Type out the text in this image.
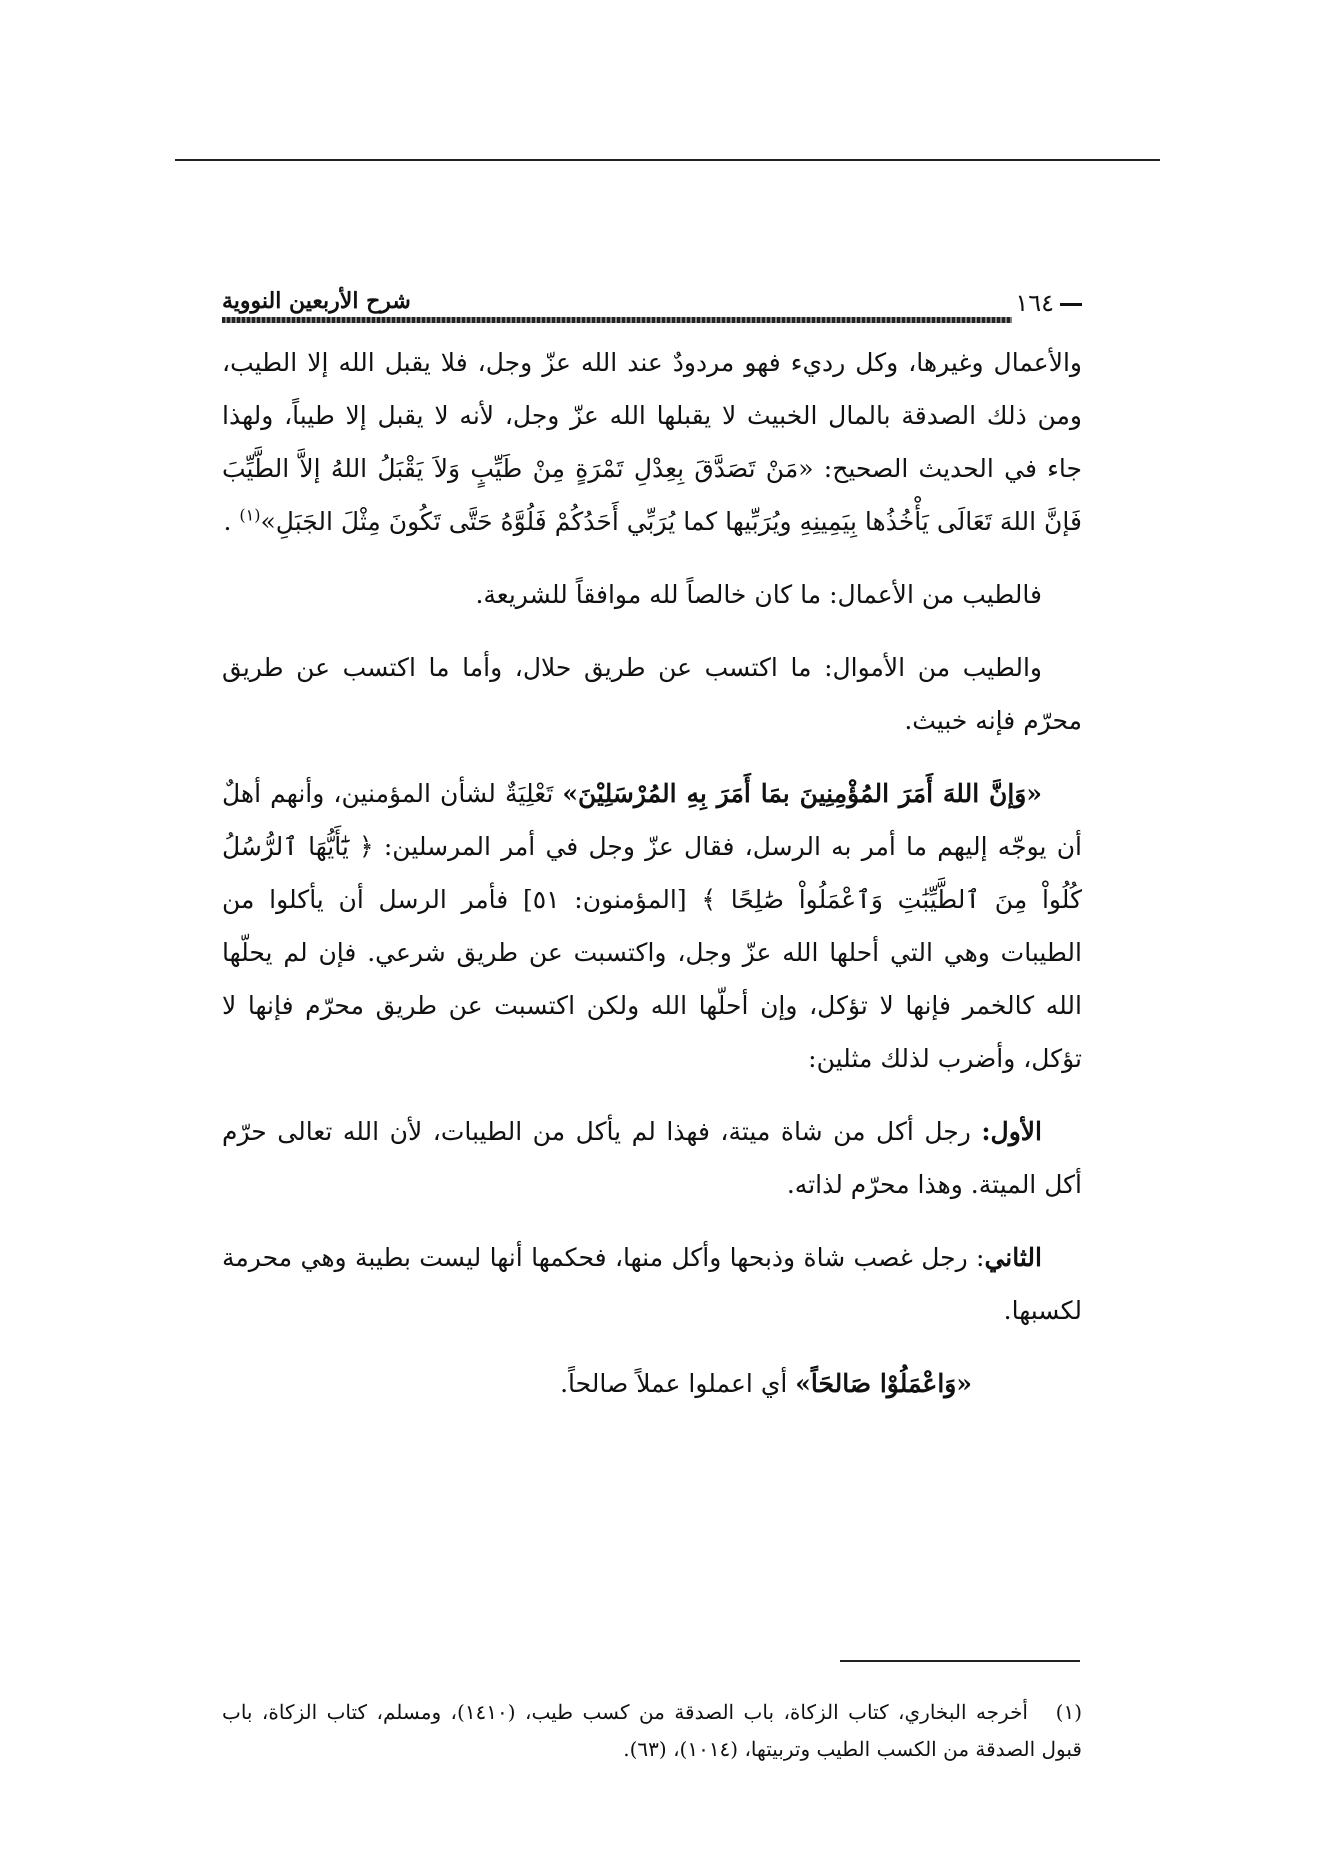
١٦٤
شرح الأربعين النووية

والأعمال وغيرها، وكل رديء فهو مردودٌ عند الله عزّ وجل، فلا يقبل الله إلا الطيب، ومن ذلك الصدقة بالمال الخبيث لا يقبلها الله عزّ وجل، لأنه لا يقبل إلا طيباً، ولهذا جاء في الحديث الصحيح: «مَنْ تَصَدَّقَ بِعِدْلِ تَمْرَةٍ مِنْ طَيِّبٍ وَلاَ يَقْبَلُ اللهُ إلاَّ الطَّيِّبَ فَإنَّ اللهَ تَعَالَى يَأْخُذُها بِيَمِينِهِ ويُرَبِّيها كما يُرَبِّي أَحَدُكُمْ فَلُوَّهُ حَتَّى تَكُونَ مِثْلَ الجَبَلِ»$^{(١)}$ .

فالطيب من الأعمال: ما كان خالصاً لله موافقاً للشريعة.

والطيب من الأموال: ما اكتسب عن طريق حلال، وأما ما اكتسب عن طريق محرّم فإنه خبيث.

«وَإنَّ اللهَ أَمَرَ المُؤْمِنِينَ بمَا أَمَرَ بِهِ المُرْسَلِيْنَ» تَعْلِيَةٌ لشأن المؤمنين، وأنهم أهلٌ أن يوجّه إليهم ما أمر به الرسل، فقال عزّ وجل في أمر المرسلين: ﴿ يَٰٓأَيُّهَا ٱلرُّسُلُ كُلُواْ مِنَ ٱلطَّيِّبَٰتِ وَٱعْمَلُواْ صَٰلِحًا ﴾ [المؤمنون: ٥١] فأمر الرسل أن يأكلوا من الطيبات وهي التي أحلها الله عزّ وجل، واكتسبت عن طريق شرعي. فإن لم يحلّها الله كالخمر فإنها لا تؤكل، وإن أحلّها الله ولكن اكتسبت عن طريق محرّم فإنها لا تؤكل، وأضرب لذلك مثلين:

الأول: رجل أكل من شاة ميتة، فهذا لم يأكل من الطيبات، لأن الله تعالى حرّم أكل الميتة. وهذا محرّم لذاته.

الثاني: رجل غصب شاة وذبحها وأكل منها، فحكمها أنها ليست بطيبة وهي محرمة لكسبها.

«وَاعْمَلُوْا صَالحَاً» أي اعملوا عملاً صالحاً.

(١)أخرجه البخاري، كتاب الزكاة، باب الصدقة من كسب طيب، (١٤١٠)، ومسلم، كتاب الزكاة، باب قبول الصدقة من الكسب الطيب وتربيتها، (١٠١٤)، (٦٣).
